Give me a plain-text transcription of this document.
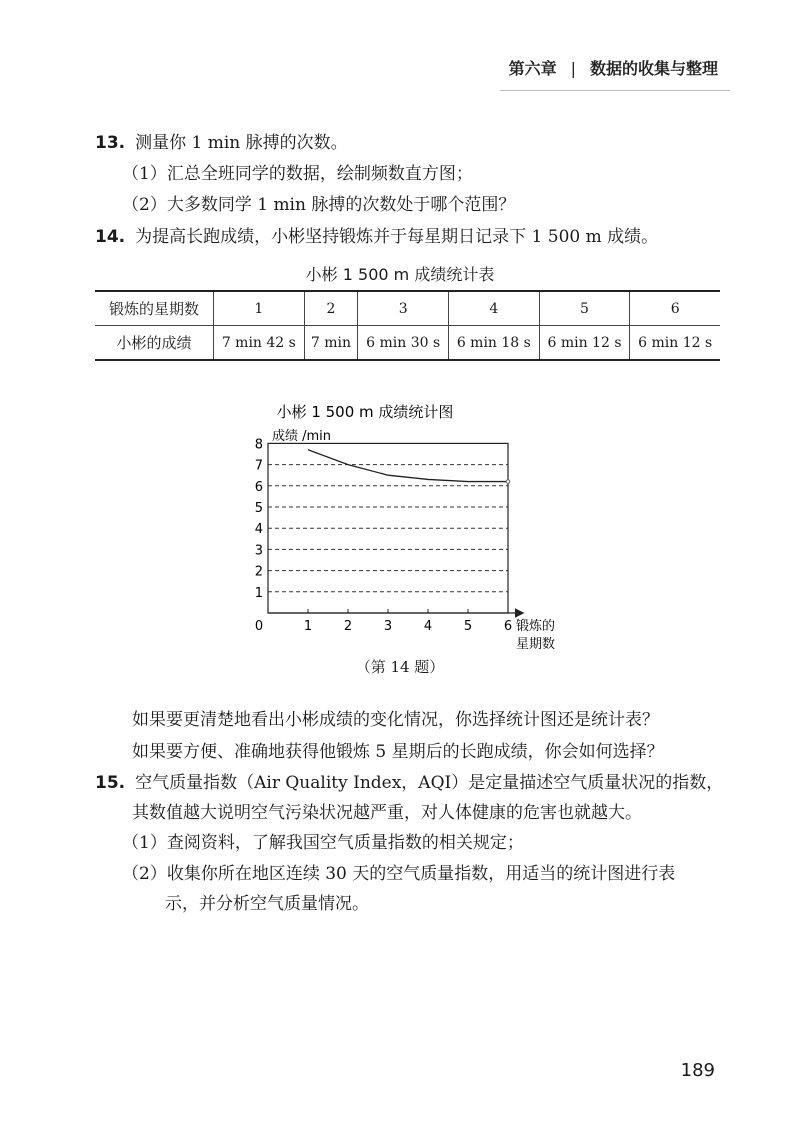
第六章 | 数据的收集与整理
13. 测量你 1 min 脉搏的次数。
（1）汇总全班同学的数据，绘制频数直方图；
（2）大多数同学 1 min 脉搏的次数处于哪个范围？
14. 为提高长跑成绩，小彬坚持锻炼并于每星期日记录下 1 500 m 成绩。
小彬 1 500 m 成绩统计表
锻炼的星期数	1	2	3	4	5	6
小彬的成绩	7 min 42 s	7 min	6 min 30 s	6 min 18 s	6 min 12 s	6 min 12 s
小彬 1 500 m 成绩统计图
成绩 /min
1
2
3
4
5
6
7
8
0	1 2 3 4 5 6 锻炼的
星期数
（第 14 题）
如果要更清楚地看出小彬成绩的变化情况，你选择统计图还是统计表？
如果要方便、准确地获得他锻炼 5 星期后的长跑成绩，你会如何选择？
15. 空气质量指数（Air Quality Index，AQI）是定量描述空气质量状况的指数，
其数值越大说明空气污染状况越严重，对人体健康的危害也就越大。
（1）查阅资料，了解我国空气质量指数的相关规定；
（2）收集你所在地区连续 30 天的空气质量指数，用适当的统计图进行表
示，并分析空气质量情况。
189
